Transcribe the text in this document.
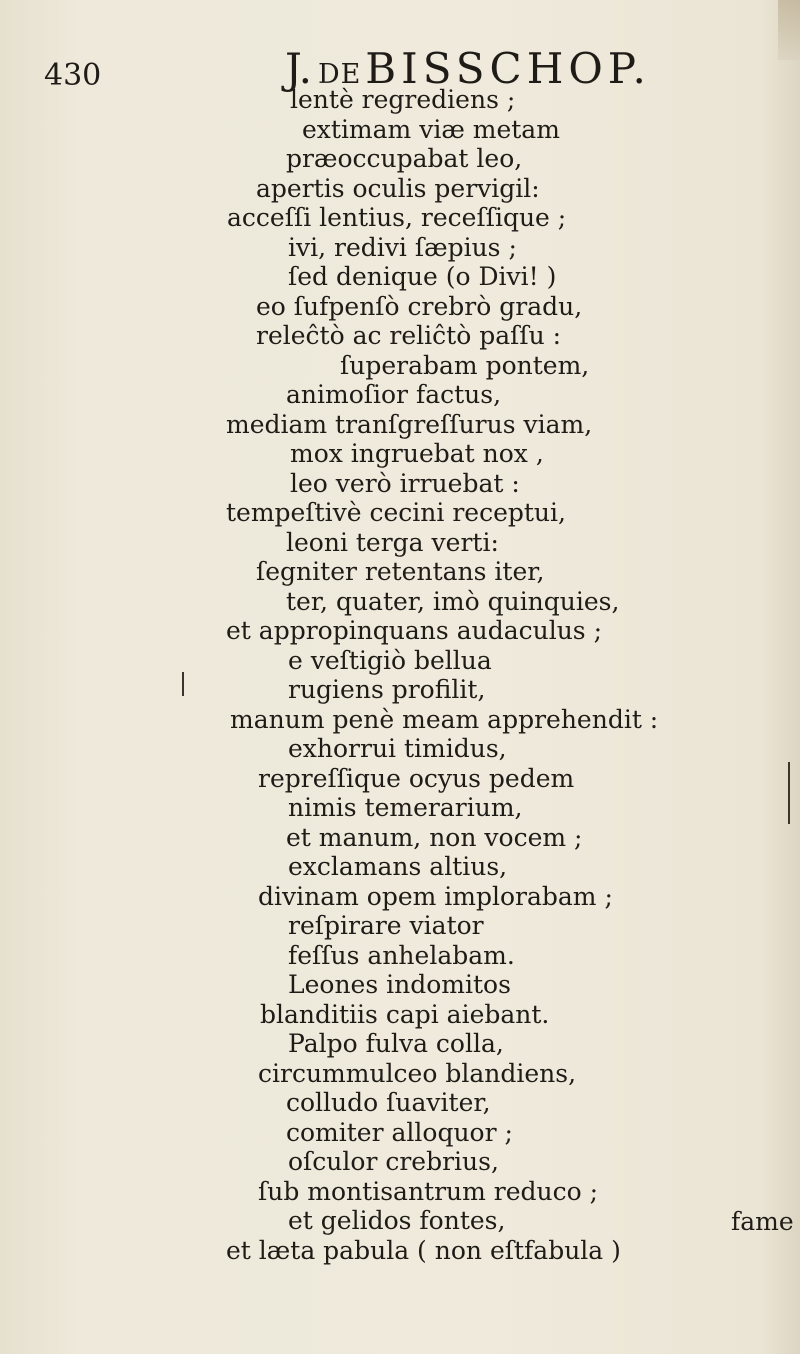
430	J. DEBISSCHOP.
lentè regrediens ;
extimam viæ metam
præoccupabat leo,
apertis oculis pervigil:
acceſſi lentius, receſſique ;
ivi, redivi ſæpius ;
ſed denique (o Divi! )
eo ſufpenſò crebrò gradu,
releĉtò ac reliĉtò paſſu :
ſuperabam pontem,
animoſior factus,
mediam tranſgreſſurus viam,
mox ingruebat nox ,
leo verò irruebat :
tempeſtivè cecini receptui,
leoni terga verti:
ſegniter retentans iter,
ter, quater, imò quinquies,
et appropinquans audaculus ;
e veſtigiò bellua
rugiens profilit,
manum penè meam apprehendit :
exhorrui timidus,
repreſſique ocyus pedem
nimis temerarium,
et manum, non vocem ;
exclamans altius,
divinam opem implorabam ;
reſpirare viator
feſſus anhelabam.
Leones indomitos
blanditiis capi aiebant.
Palpo fulva colla,
circummulceo blandiens,
colludo ſuaviter,
comiter alloquor ;
oſculor crebrius,
ſub montisantrum reduco ;
et gelidos fontes,
et læta pabula ( non eſtfabula )
fame
